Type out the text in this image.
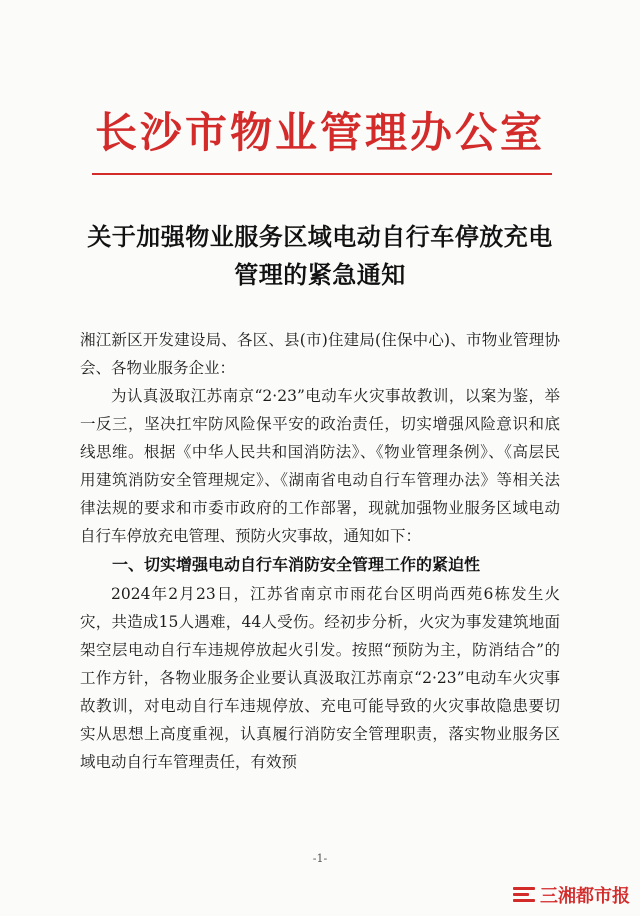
长沙市物业管理办公室
关于加强物业服务区域电动自行车停放充电
管理的紧急通知

湘江新区开发建设局、各区、县(市)住建局(住保中心)、市物业管理协会、各物业服务企业：

为认真汲取江苏南京“2·23”电动车火灾事故教训，以案为鉴，举一反三，坚决扛牢防风险保平安的政治责任，切实增强风险意识和底线思维。根据《中华人民共和国消防法》、《物业管理条例》、《高层民用建筑消防安全管理规定》、《湖南省电动自行车管理办法》等相关法律法规的要求和市委市政府的工作部署，现就加强物业服务区域电动自行车停放充电管理、预防火灾事故，通知如下：

一、切实增强电动自行车消防安全管理工作的紧迫性

2024年2月23日，江苏省南京市雨花台区明尚西苑6栋发生火灾，共造成15人遇难，44人受伤。经初步分析，火灾为事发建筑地面架空层电动自行车违规停放起火引发。按照“预防为主，防消结合”的工作方针，各物业服务企业要认真汲取江苏南京“2·23”电动车火灾事故教训，对电动自行车违规停放、充电可能导致的火灾事故隐患要切实从思想上高度重视，认真履行消防安全管理职责，落实物业服务区域电动自行车管理责任，有效预

-1-
三湘都市报
